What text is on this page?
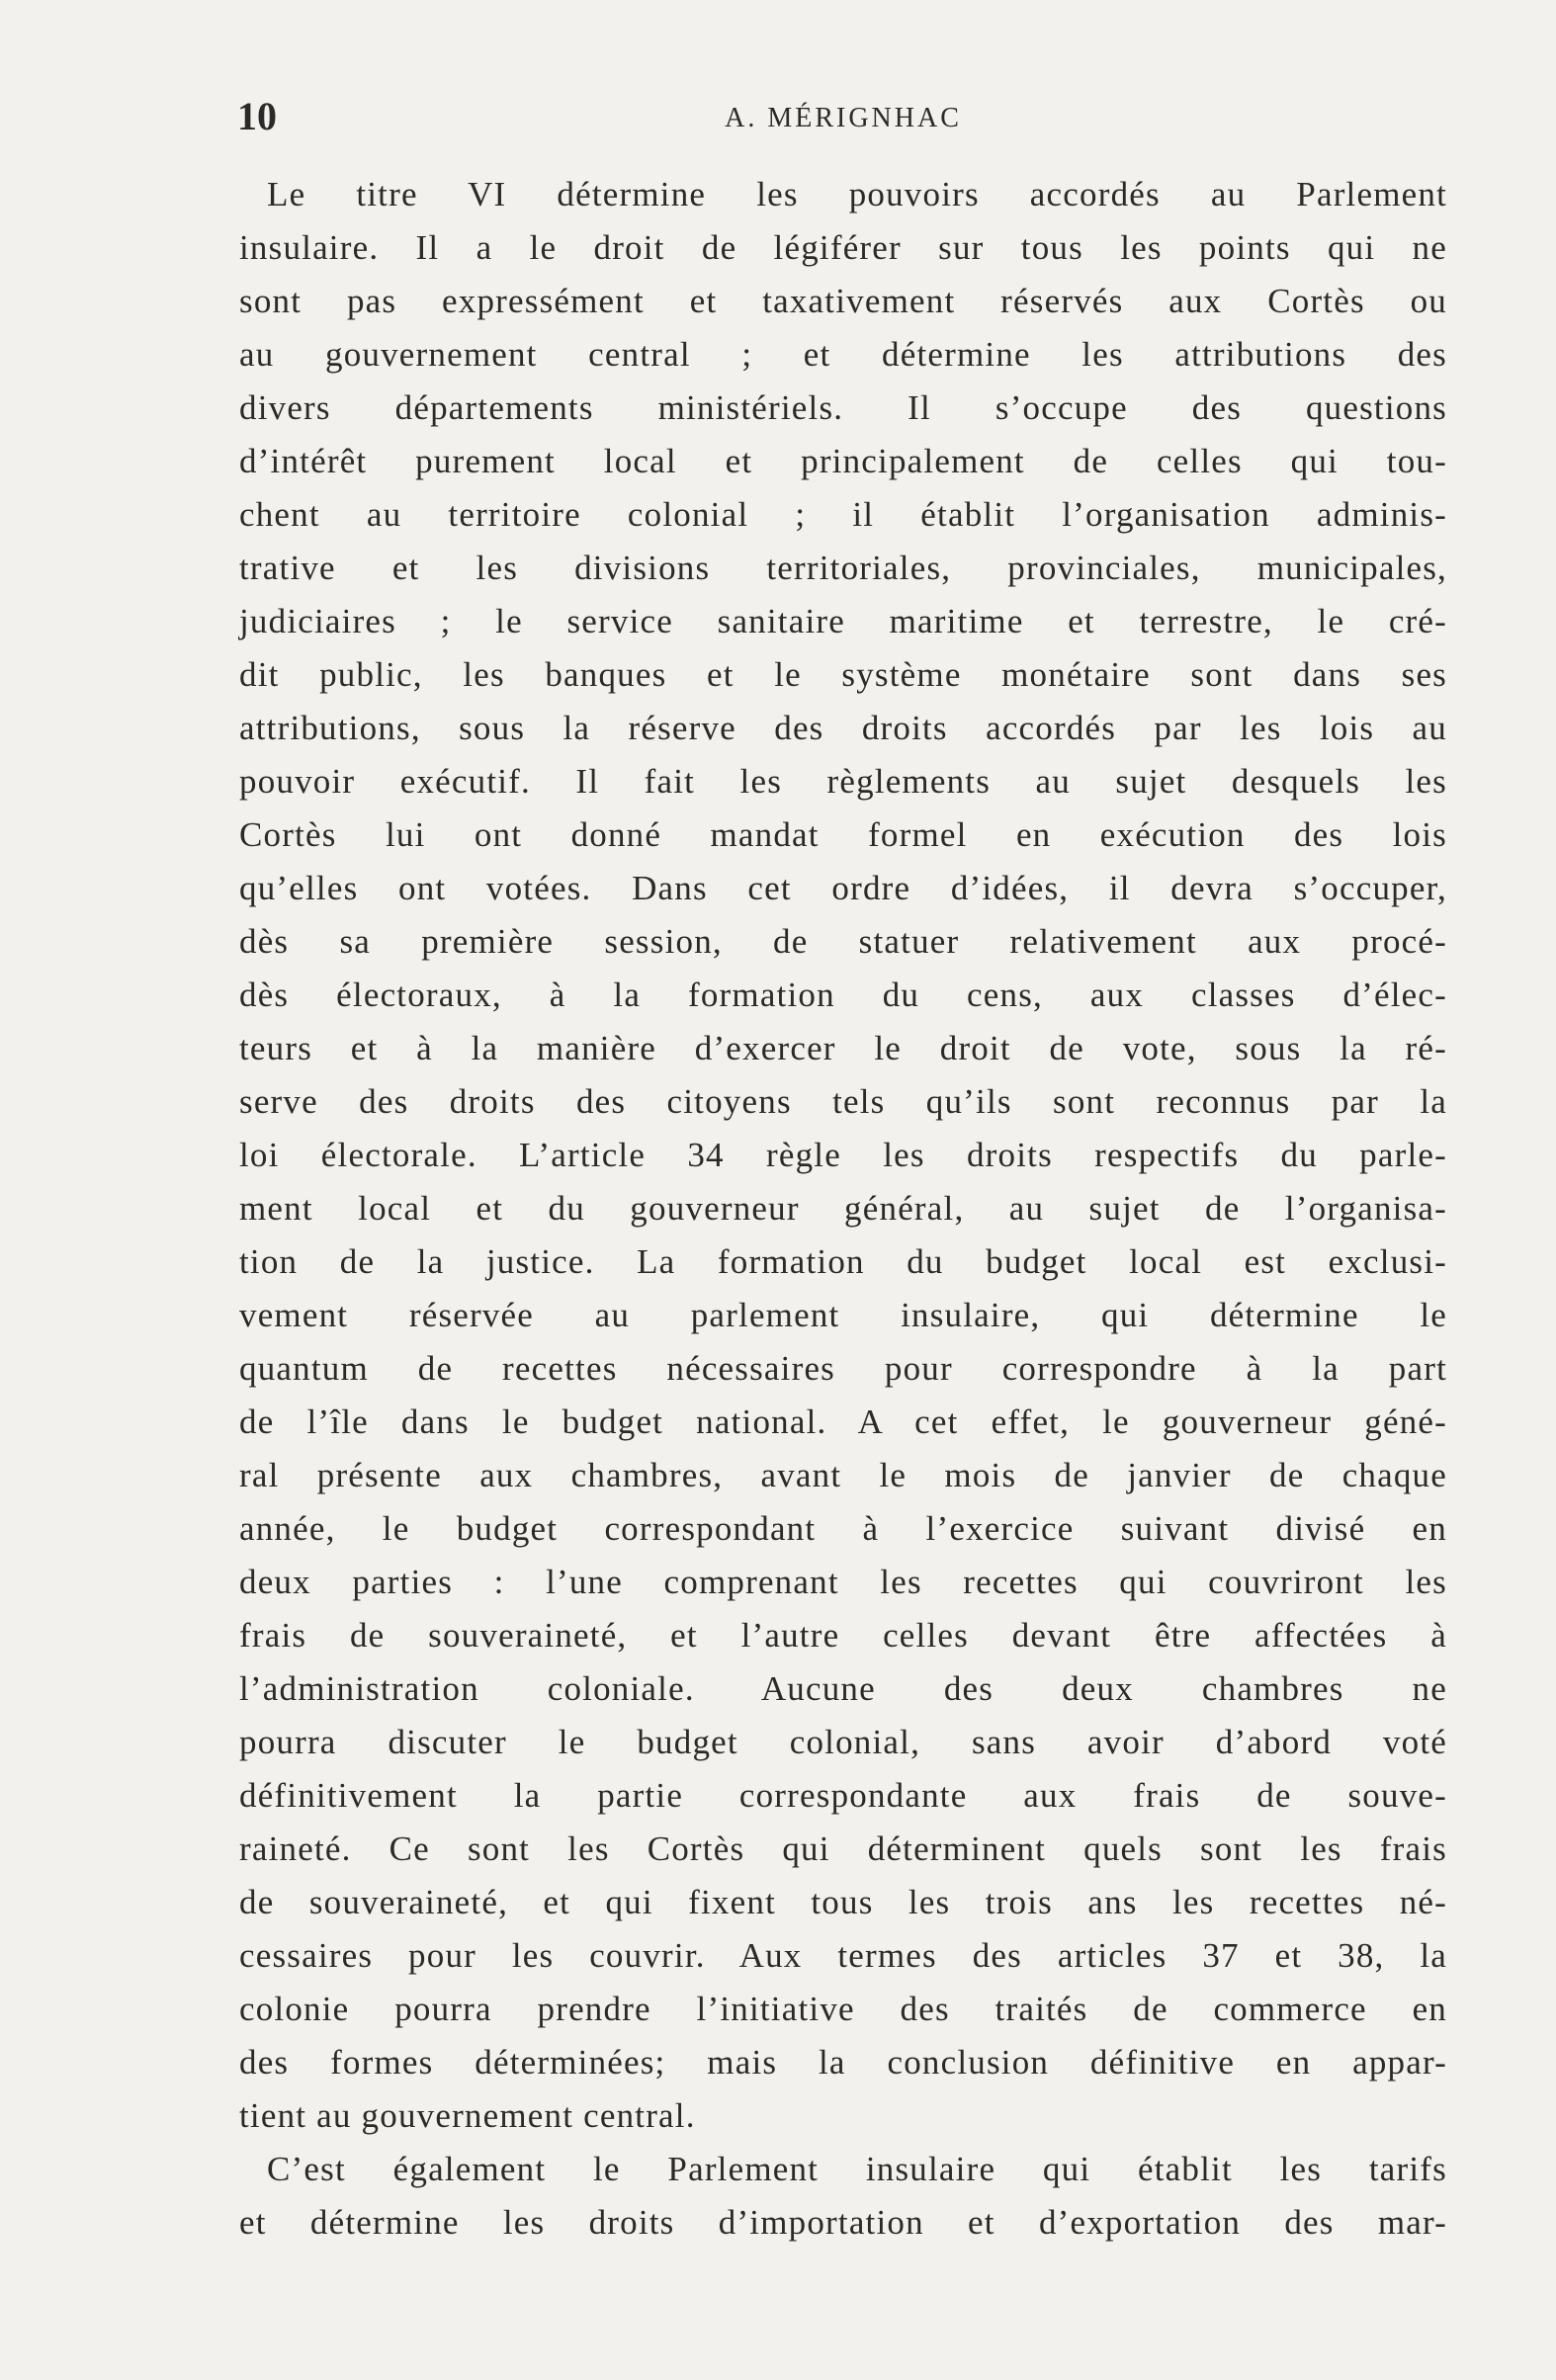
10	A. MÉRIGNHAC
Le titre VI détermine les pouvoirs accordés au Parlement
insulaire. Il a le droit de légiférer sur tous les points qui ne
sont pas expressément et taxativement réservés aux Cortès ou
au gouvernement central ; et détermine les attributions des
divers départements ministériels. Il s’occupe des questions
d’intérêt purement local et principalement de celles qui tou-
chent au territoire colonial ; il établit l’organisation adminis-
trative et les divisions territoriales, provinciales, municipales,
judiciaires ; le service sanitaire maritime et terrestre, le cré-
dit public, les banques et le système monétaire sont dans ses
attributions, sous la réserve des droits accordés par les lois au
pouvoir exécutif. Il fait les règlements au sujet desquels les
Cortès lui ont donné mandat formel en exécution des lois
qu’elles ont votées. Dans cet ordre d’idées, il devra s’occuper,
dès sa première session, de statuer relativement aux procé-
dès électoraux, à la formation du cens, aux classes d’élec-
teurs et à la manière d’exercer le droit de vote, sous la ré-
serve des droits des citoyens tels qu’ils sont reconnus par la
loi électorale. L’article 34 règle les droits respectifs du parle-
ment local et du gouverneur général, au sujet de l’organisa-
tion de la justice. La formation du budget local est exclusi-
vement réservée au parlement insulaire, qui détermine le
quantum de recettes nécessaires pour correspondre à la part
de l’île dans le budget national. A cet effet, le gouverneur géné-
ral présente aux chambres, avant le mois de janvier de chaque
année, le budget correspondant à l’exercice suivant divisé en
deux parties : l’une comprenant les recettes qui couvriront les
frais de souveraineté, et l’autre celles devant être affectées à
l’administration coloniale. Aucune des deux chambres ne
pourra discuter le budget colonial, sans avoir d’abord voté
définitivement la partie correspondante aux frais de souve-
raineté. Ce sont les Cortès qui déterminent quels sont les frais
de souveraineté, et qui fixent tous les trois ans les recettes né-
cessaires pour les couvrir. Aux termes des articles 37 et 38, la
colonie pourra prendre l’initiative des traités de commerce en
des formes déterminées; mais la conclusion définitive en appar-
tient au gouvernement central.
C’est également le Parlement insulaire qui établit les tarifs
et détermine les droits d’importation et d’exportation des mar-
